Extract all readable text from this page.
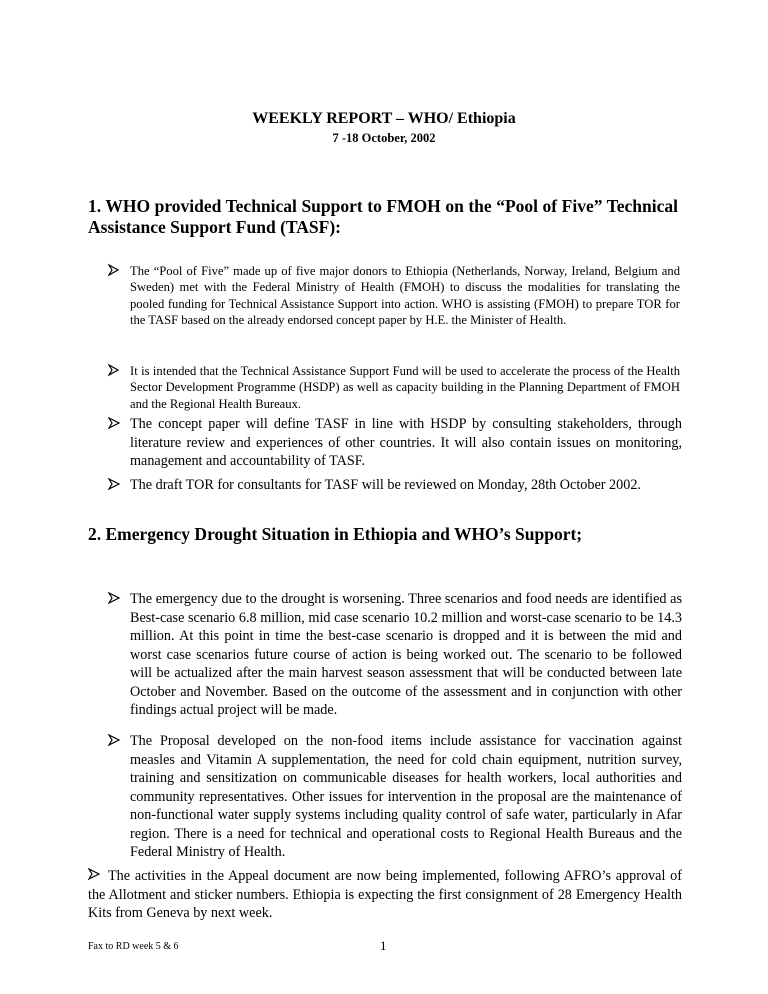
WEEKLY REPORT – WHO/ Ethiopia
7 -18 October, 2002
1. WHO provided Technical Support to FMOH on the “Pool of Five” Technical Assistance Support Fund (TASF):
The “Pool of Five” made up of five major donors to Ethiopia (Netherlands, Norway, Ireland, Belgium and Sweden) met with the Federal Ministry of Health (FMOH) to discuss the modalities for translating the pooled funding for Technical Assistance Support into action. WHO is assisting (FMOH) to prepare TOR for the TASF based on the already endorsed concept paper by H.E. the Minister of Health.
It is intended that the Technical Assistance Support Fund will be used to accelerate the process of the Health Sector Development Programme (HSDP) as well as capacity building in the Planning Department of FMOH and the Regional Health Bureaux.
The concept paper will define TASF in line with HSDP by consulting stakeholders, through literature review and experiences of other countries. It will also contain issues on monitoring, management and accountability of TASF.
2. Emergency Drought Situation in Ethiopia and WHO’s Support;
The emergency due to the drought is worsening. Three scenarios and food needs are identified as Best-case scenario 6.8 million, mid case scenario 10.2 million and worst-case scenario to be 14.3 million. At this point in time the best-case scenario is dropped and it is between the mid and worst case scenarios future course of action is being worked out. The scenario to be followed will be actualized after the main harvest season assessment that will be conducted between late October and November. Based on the outcome of the assessment and in conjunction with other findings actual project will be made.
The Proposal developed on the non-food items include assistance for vaccination against measles and Vitamin A supplementation, the need for cold chain equipment, nutrition survey, training and sensitization on communicable diseases for health workers, local authorities and community representatives. Other issues for intervention in the proposal are the maintenance of non-functional water supply systems including quality control of safe water, particularly in Afar region. There is a need for technical and operational costs to Regional Health Bureaus and the Federal Ministry of Health.
The activities in the Appeal document are now being implemented, following AFRO’s approval of the Allotment and sticker numbers. Ethiopia is expecting the first consignment of 28 Emergency Health Kits from Geneva by next week.
Fax to RD week 5 & 6	1
The draft TOR for consultants for TASF will be reviewed on Monday, 28th October 2002.
